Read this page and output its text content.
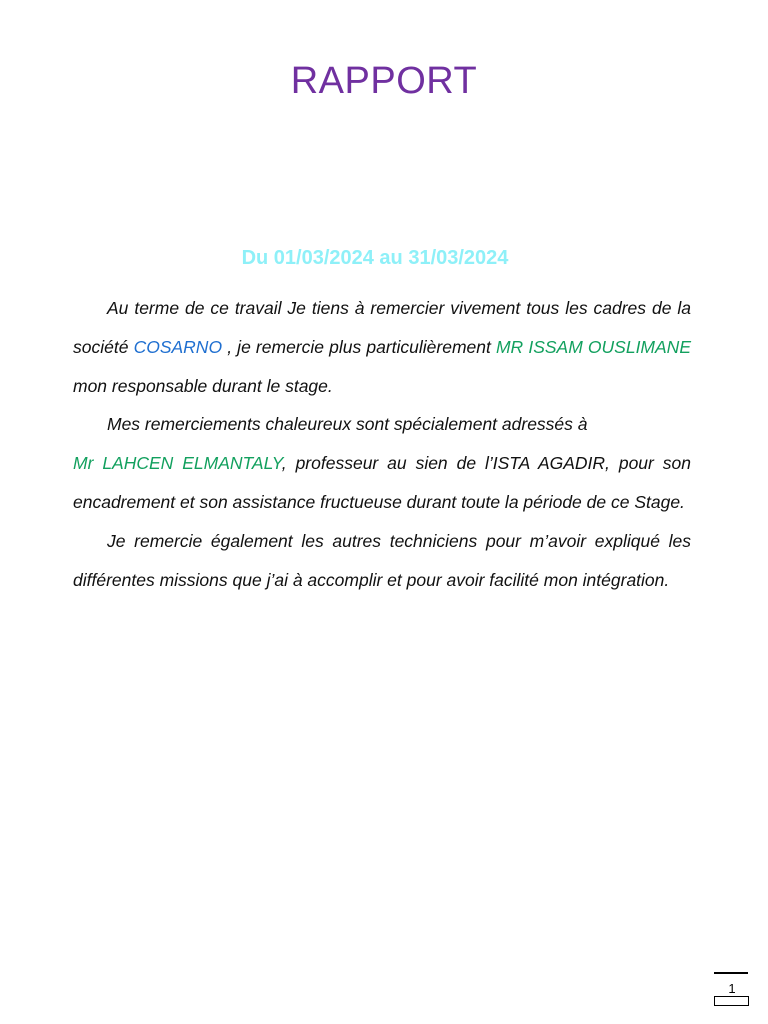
RAPPORT
Du 01/03/2024 au 31/03/2024

Au terme de ce travail Je tiens à remercier vivement tous les cadres de la société COSARNO , je remercie plus particulièrement MR ISSAM OUSLIMANE mon responsable durant le stage.

Mes remerciements chaleureux sont spécialement adressés à

Mr LAHCEN ELMANTALY, professeur au sien de l’ISTA AGADIR, pour son encadrement et son assistance fructueuse durant toute la période de ce Stage.

Je remercie également les autres techniciens pour m’avoir expliqué les différentes missions que j’ai à accomplir et pour avoir facilité mon intégration.

1
